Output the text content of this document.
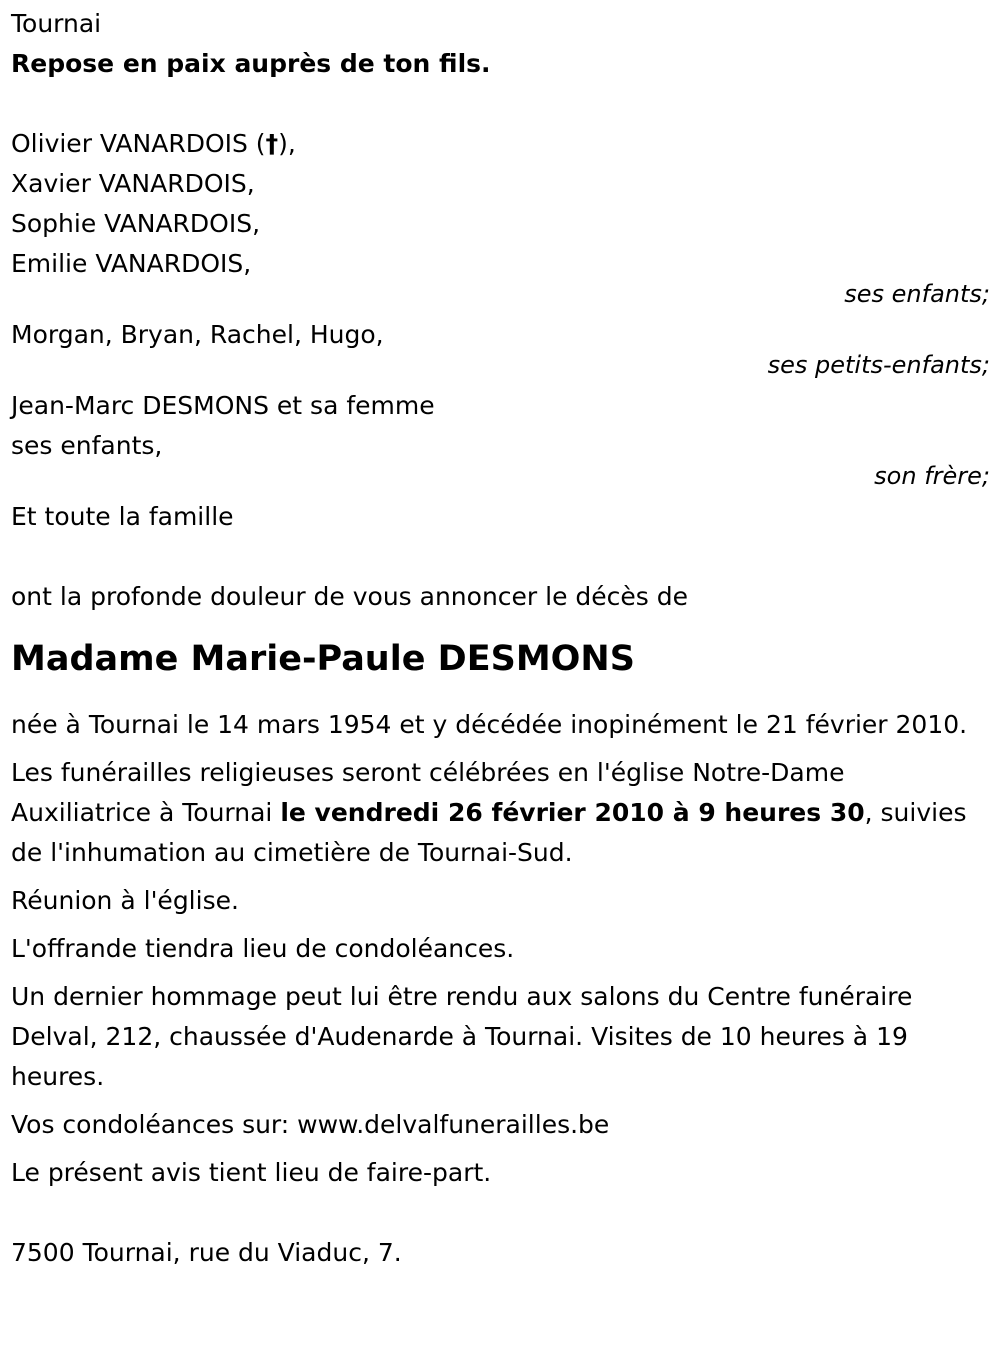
Tournai
Repose en paix auprès de ton fils.
Olivier VANARDOIS (†),
Xavier VANARDOIS,
Sophie VANARDOIS,
Emilie VANARDOIS,
ses enfants;
Morgan, Bryan, Rachel, Hugo,
ses petits-enfants;
Jean-Marc DESMONS et sa femme
ses enfants,
son frère;
Et toute la famille
ont la profonde douleur de vous annoncer le décès de
Madame Marie-Paule DESMONS

née à Tournai le 14 mars 1954 et y décédée inopinément le 21 février 2010.

Les funérailles religieuses seront célébrées en l'église Notre-Dame Auxiliatrice à Tournai le vendredi 26 février 2010 à 9 heures 30, suivies de l'inhumation au cimetière de Tournai-Sud.

Réunion à l'église.

L'offrande tiendra lieu de condoléances.

Un dernier hommage peut lui être rendu aux salons du Centre funéraire Delval, 212, chaussée d'Audenarde à Tournai. Visites de 10 heures à 19 heures.

Vos condoléances sur: www.delvalfunerailles.be

Le présent avis tient lieu de faire-part.

7500 Tournai, rue du Viaduc, 7.
